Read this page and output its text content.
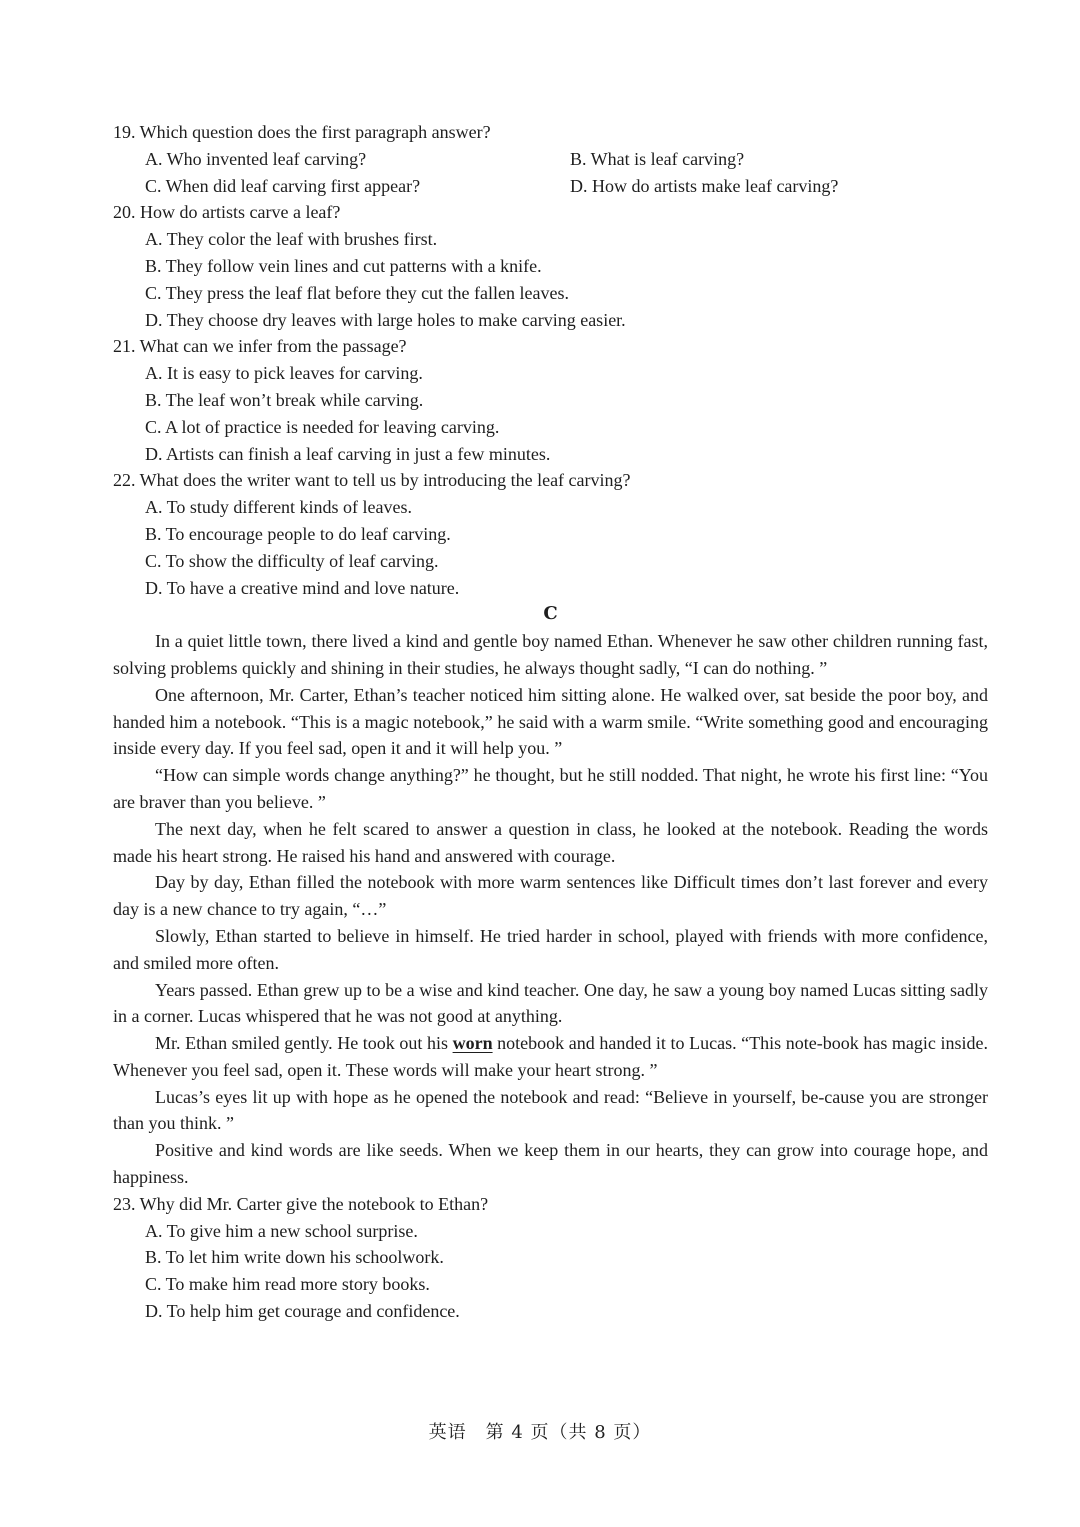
19. Which question does the first paragraph answer?
A. Who invented leaf carving?	B. What is leaf carving?
C. When did leaf carving first appear?	D. How do artists make leaf carving?
20. How do artists carve a leaf?
A. They color the leaf with brushes first.
B. They follow vein lines and cut patterns with a knife.
C. They press the leaf flat before they cut the fallen leaves.
D. They choose dry leaves with large holes to make carving easier.
21. What can we infer from the passage?
A. It is easy to pick leaves for carving.
B. The leaf won’t break while carving.
C. A lot of practice is needed for leaving carving.
D. Artists can finish a leaf carving in just a few minutes.
22. What does the writer want to tell us by introducing the leaf carving?
A. To study different kinds of leaves.
B. To encourage people to do leaf carving.
C. To show the difficulty of leaf carving.
D. To have a creative mind and love nature.
C

In a quiet little town, there lived a kind and gentle boy named Ethan. Whenever he saw other children running fast, solving problems quickly and shining in their studies, he always thought sadly, “I can do nothing. ”

One afternoon, Mr. Carter, Ethan’s teacher noticed him sitting alone. He walked over, sat beside the poor boy, and handed him a notebook. “This is a magic notebook,” he said with a warm smile. “Write something good and encouraging inside every day. If you feel sad, open it and it will help you. ”

“How can simple words change anything?” he thought, but he still nodded. That night, he wrote his first line: “You are braver than you believe. ”

The next day, when he felt scared to answer a question in class, he looked at the notebook. Reading the words made his heart strong. He raised his hand and answered with courage.

Day by day, Ethan filled the notebook with more warm sentences like Difficult times don’t last forever and every day is a new chance to try again, “…”

Slowly, Ethan started to believe in himself. He tried harder in school, played with friends with more confidence, and smiled more often.

Years passed. Ethan grew up to be a wise and kind teacher. One day, he saw a young boy named Lucas sitting sadly in a corner. Lucas whispered that he was not good at anything.

Mr. Ethan smiled gently. He took out his worn notebook and handed it to Lucas. “This note-book has magic inside. Whenever you feel sad, open it. These words will make your heart strong. ”

Lucas’s eyes lit up with hope as he opened the notebook and read: “Believe in yourself, be-cause you are stronger than you think. ”

Positive and kind words are like seeds. When we keep them in our hearts, they can grow into courage hope, and happiness.

23. Why did Mr. Carter give the notebook to Ethan?
A. To give him a new school surprise.
B. To let him write down his schoolwork.
C. To make him read more story books.
D. To help him get courage and confidence.
英语　第 4 页（共 8 页）
